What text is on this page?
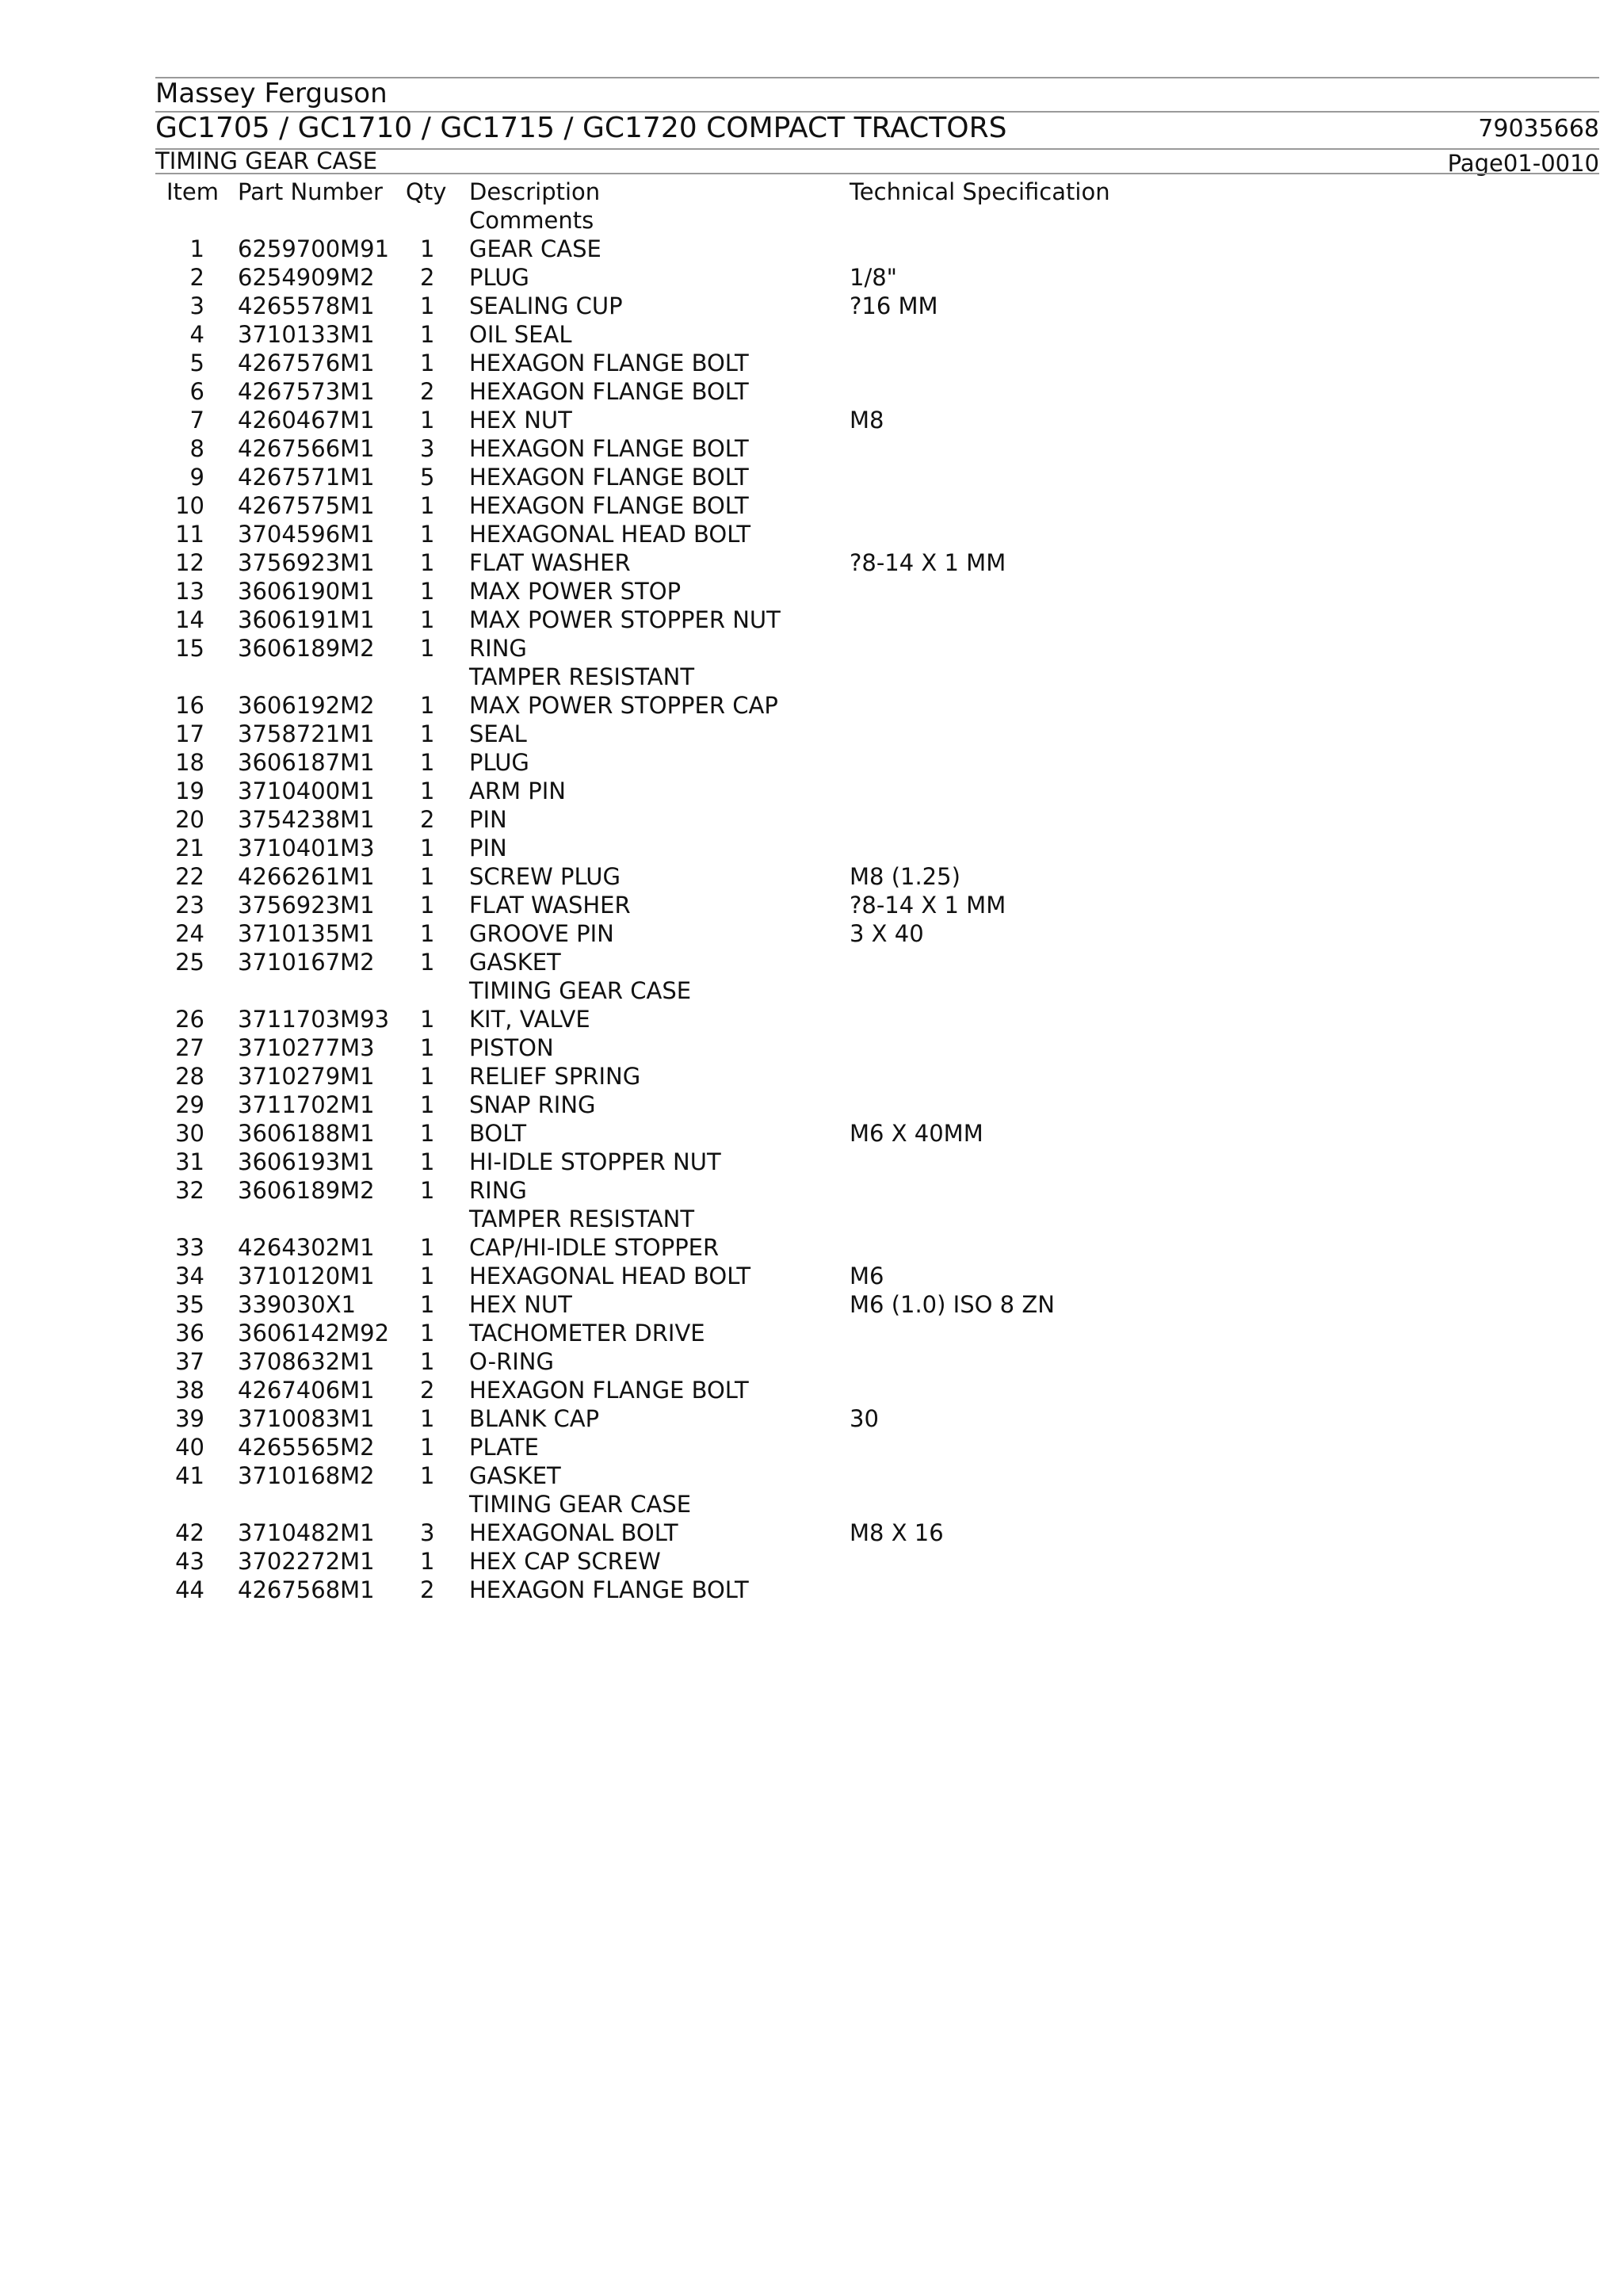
Massey Ferguson
GC1705 / GC1710 / GC1715 / GC1720 COMPACT TRACTORS	79035668
TIMING GEAR CASE	Page01-0010
Item Part Number Qty Description	Technical Specification
Comments
1 6259700M91 1 GEAR CASE
2 6254909M2 2 PLUG	1/8"
3 4265578M1 1 SEALING CUP	?16 MM
4 3710133M1 1 OIL SEAL
5 4267576M1 1 HEXAGON FLANGE BOLT
6 4267573M1 2 HEXAGON FLANGE BOLT
7 4260467M1 1 HEX NUT	M8
8 4267566M1 3 HEXAGON FLANGE BOLT
9 4267571M1 5 HEXAGON FLANGE BOLT
10 4267575M1 1 HEXAGON FLANGE BOLT
11 3704596M1 1 HEXAGONAL HEAD BOLT
12 3756923M1 1 FLAT WASHER	?8-14 X 1 MM
13 3606190M1 1 MAX POWER STOP
14 3606191M1 1 MAX POWER STOPPER NUT
15 3606189M2 1 RING
TAMPER RESISTANT
16 3606192M2 1 MAX POWER STOPPER CAP
17 3758721M1 1 SEAL
18 3606187M1 1 PLUG
19 3710400M1 1 ARM PIN
20 3754238M1 2 PIN
21 3710401M3 1 PIN
22 4266261M1 1 SCREW PLUG	M8 (1.25)
23 3756923M1 1 FLAT WASHER	?8-14 X 1 MM
24 3710135M1 1 GROOVE PIN	3 X 40
25 3710167M2 1 GASKET
TIMING GEAR CASE
26 3711703M93 1 KIT, VALVE
27 3710277M3 1 PISTON
28 3710279M1 1 RELIEF SPRING
29 3711702M1 1 SNAP RING
30 3606188M1 1 BOLT	M6 X 40MM
31 3606193M1 1 HI-IDLE STOPPER NUT
32 3606189M2 1 RING
TAMPER RESISTANT
33 4264302M1 1 CAP/HI-IDLE STOPPER
34 3710120M1 1 HEXAGONAL HEAD BOLT	M6
35 339030X1	1 HEX NUT	M6 (1.0) ISO 8 ZN
36 3606142M92 1 TACHOMETER DRIVE
37 3708632M1 1 O-RING
38 4267406M1 2 HEXAGON FLANGE BOLT
39 3710083M1 1 BLANK CAP	30
40 4265565M2 1 PLATE
41 3710168M2 1 GASKET
TIMING GEAR CASE
42 3710482M1 3 HEXAGONAL BOLT	M8 X 16
43 3702272M1 1 HEX CAP SCREW
44 4267568M1 2 HEXAGON FLANGE BOLT
